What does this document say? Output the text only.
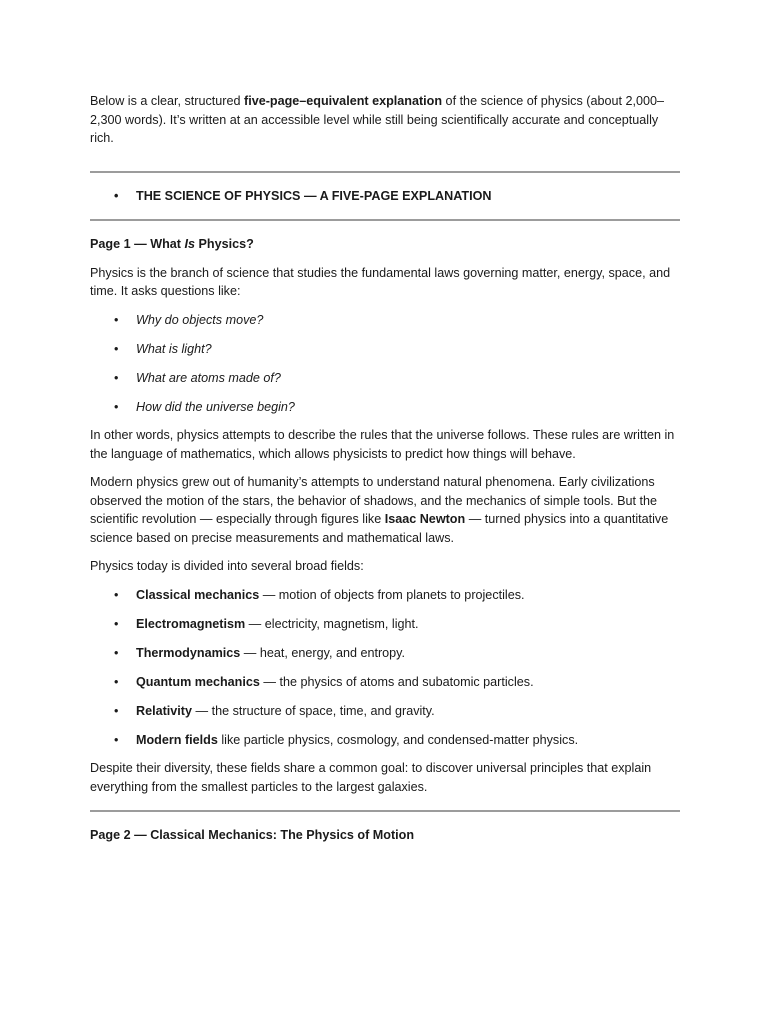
Below is a clear, structured five-page–equivalent explanation of the science of physics (about 2,000–2,300 words). It’s written at an accessible level while still being scientifically accurate and conceptually rich.

• THE SCIENCE OF PHYSICS — A FIVE-PAGE EXPLANATION

Page 1 — What Is Physics?

Physics is the branch of science that studies the fundamental laws governing matter, energy, space, and time. It asks questions like:

• Why do objects move?
• What is light?
• What are atoms made of?
• How did the universe begin?

In other words, physics attempts to describe the rules that the universe follows. These rules are written in the language of mathematics, which allows physicists to predict how things will behave.

Modern physics grew out of humanity’s attempts to understand natural phenomena. Early civilizations observed the motion of the stars, the behavior of shadows, and the mechanics of simple tools. But the scientific revolution — especially through figures like Isaac Newton — turned physics into a quantitative science based on precise measurements and mathematical laws.

Physics today is divided into several broad fields:

• Classical mechanics — motion of objects from planets to projectiles.
• Electromagnetism — electricity, magnetism, light.
• Thermodynamics — heat, energy, and entropy.
• Quantum mechanics — the physics of atoms and subatomic particles.
• Relativity — the structure of space, time, and gravity.
• Modern fields like particle physics, cosmology, and condensed-matter physics.

Despite their diversity, these fields share a common goal: to discover universal principles that explain everything from the smallest particles to the largest galaxies.

Page 2 — Classical Mechanics: The Physics of Motion
